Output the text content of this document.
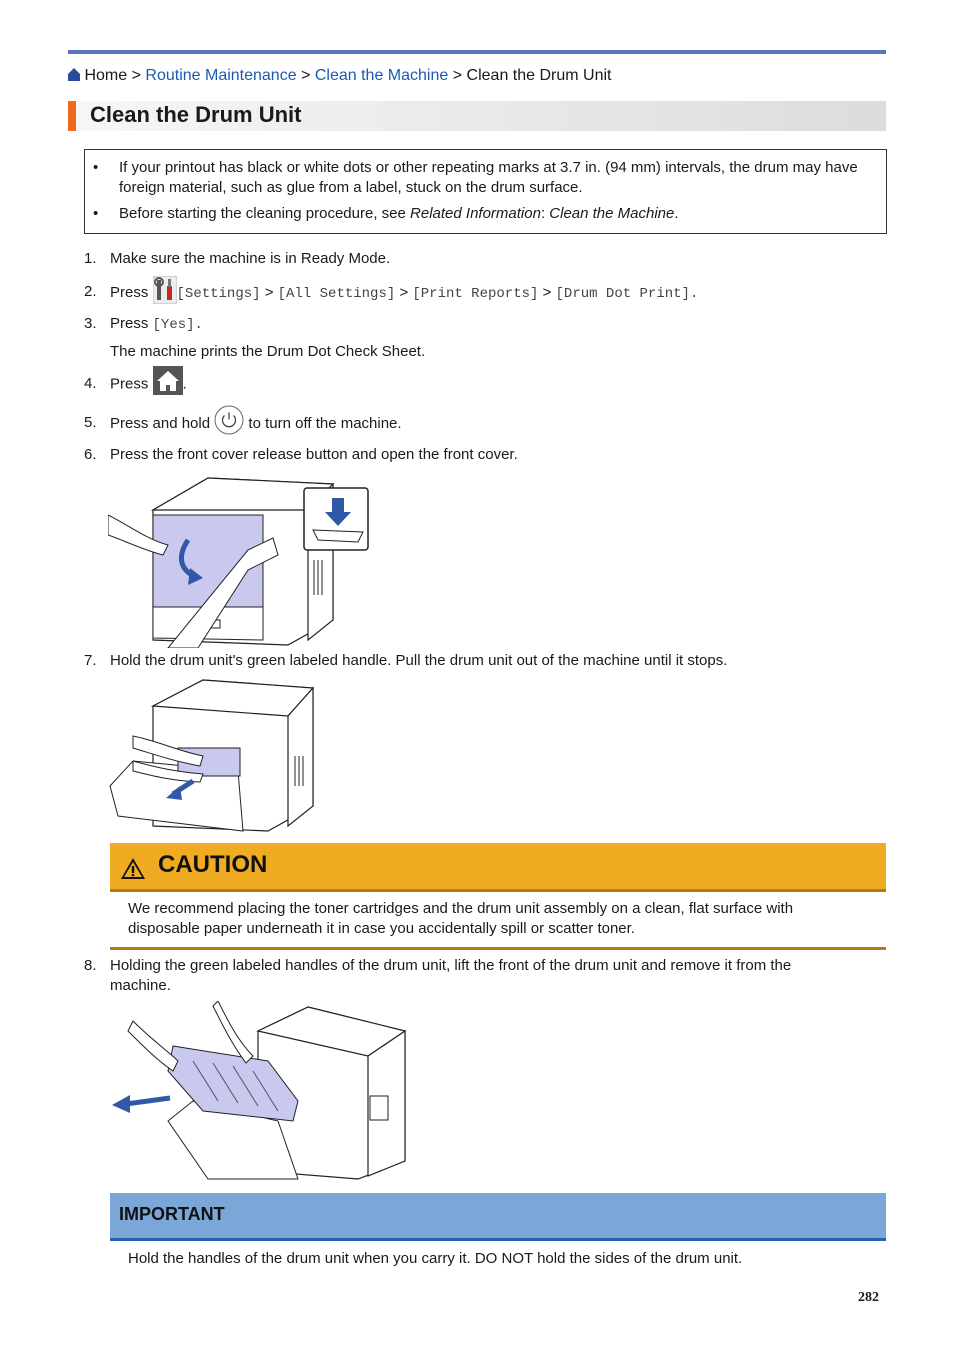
Home > Routine Maintenance > Clean the Machine > Clean the Drum Unit
Clean the Drum Unit
•	If your printout has black or white dots or other repeating marks at 3.7 in. (94 mm) intervals, the drum may have foreign material, such as glue from a label, stuck on the drum surface.
•	Before starting the cleaning procedure, see Related Information: Clean the Machine.
1. Make sure the machine is in Ready Mode.
2. Press [Settings] > [All Settings] > [Print Reports] > [Drum Dot Print].
3. Press [Yes].
The machine prints the Drum Dot Check Sheet.
4. Press .
5. Press and hold	to turn off the machine.
6. Press the front cover release button and open the front cover.
7. Hold the drum unit's green labeled handle. Pull the drum unit out of the machine until it stops.
CAUTION
We recommend placing the toner cartridges and the drum unit assembly on a clean, flat surface with disposable paper underneath it in case you accidentally spill or scatter toner.
8. Holding the green labeled handles of the drum unit, lift the front of the drum unit and remove it from the
machine.
IMPORTANT
Hold the handles of the drum unit when you carry it. DO NOT hold the sides of the drum unit.
282
